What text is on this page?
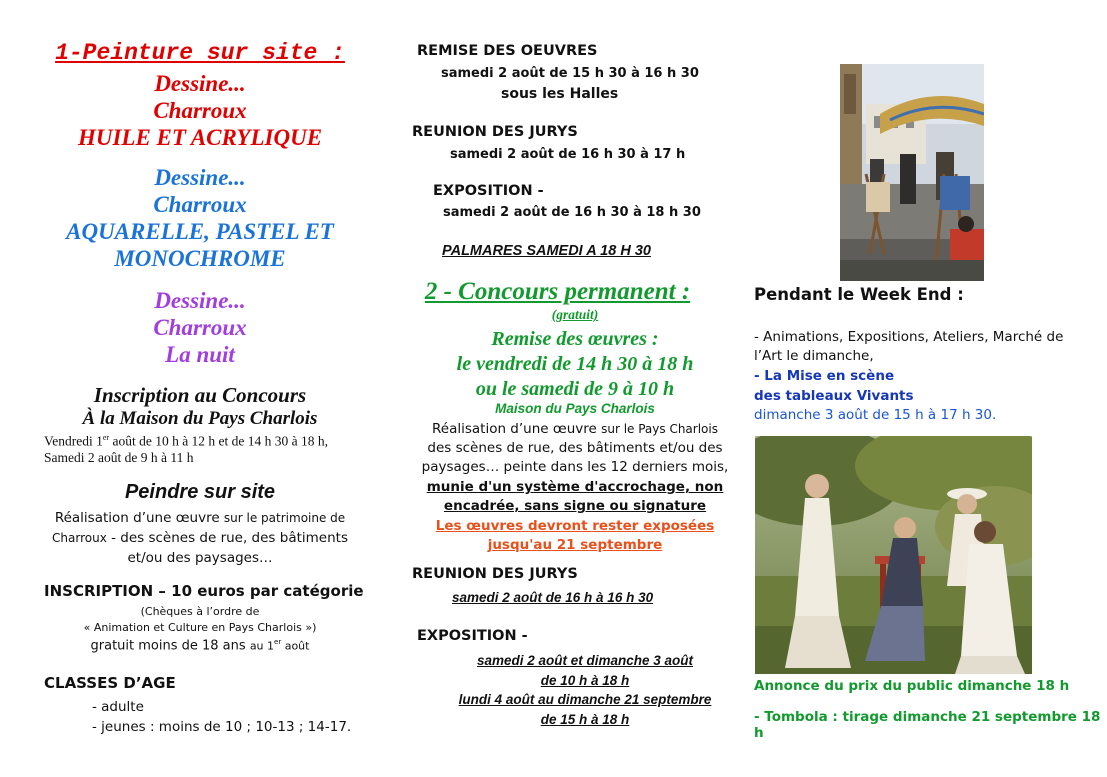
1-Peinture sur site :
Dessine...
Charroux
HUILE ET ACRYLIQUE
Dessine...
Charroux
AQUARELLE, PASTEL ET
MONOCHROME
Dessine...
Charroux
La nuit
Inscription au Concours
À la Maison du Pays Charlois
Vendredi 1er août de 10 h à 12 h et de 14 h 30 à 18 h,
Samedi 2 août de 9 h à 11 h
Peindre sur site
Réalisation d’une œuvre sur le patrimoine de
Charroux - des scènes de rue, des bâtiments
et/ou des paysages…
INSCRIPTION – 10 euros par catégorie
(Chèques à l’ordre de
« Animation et Culture en Pays Charlois »)
gratuit moins de 18 ans au 1er août
CLASSES D’AGE
- adulte
- jeunes : moins de 10 ; 10-13 ; 14-17.
REMISE DES OEUVRES
samedi 2 août de 15 h 30 à 16 h 30
sous les Halles
REUNION DES JURYS
samedi 2 août de 16 h 30 à 17 h
EXPOSITION -
samedi 2 août de 16 h 30 à 18 h 30
PALMARES SAMEDI A 18 H 30
2 - Concours permanent :
(gratuit)
Remise des œuvres :
le vendredi de 14 h 30 à 18 h
ou le samedi de 9 à 10 h
Maison du Pays Charlois
Réalisation d’une œuvre sur le Pays Charlois
des scènes de rue, des bâtiments et/ou des
paysages… peinte dans les 12 derniers mois,
munie d'un système d'accrochage, non
encadrée, sans signe ou signature
Les œuvres devront rester exposées
jusqu'au 21 septembre
REUNION DES JURYS
samedi 2 août de 16 h à 16 h 30
EXPOSITION -
samedi 2 août et dimanche 3 août
de 10 h à 18 h
lundi 4 août au dimanche 21 septembre
de 15 h à 18 h
Pendant le Week End :
- Animations, Expositions, Ateliers, Marché de
l’Art le dimanche,
- La Mise en scène
des tableaux Vivants
dimanche 3 août de 15 h à 17 h 30.
Annonce du prix du public dimanche 18 h
- Tombola : tirage dimanche 21 septembre 18 h
